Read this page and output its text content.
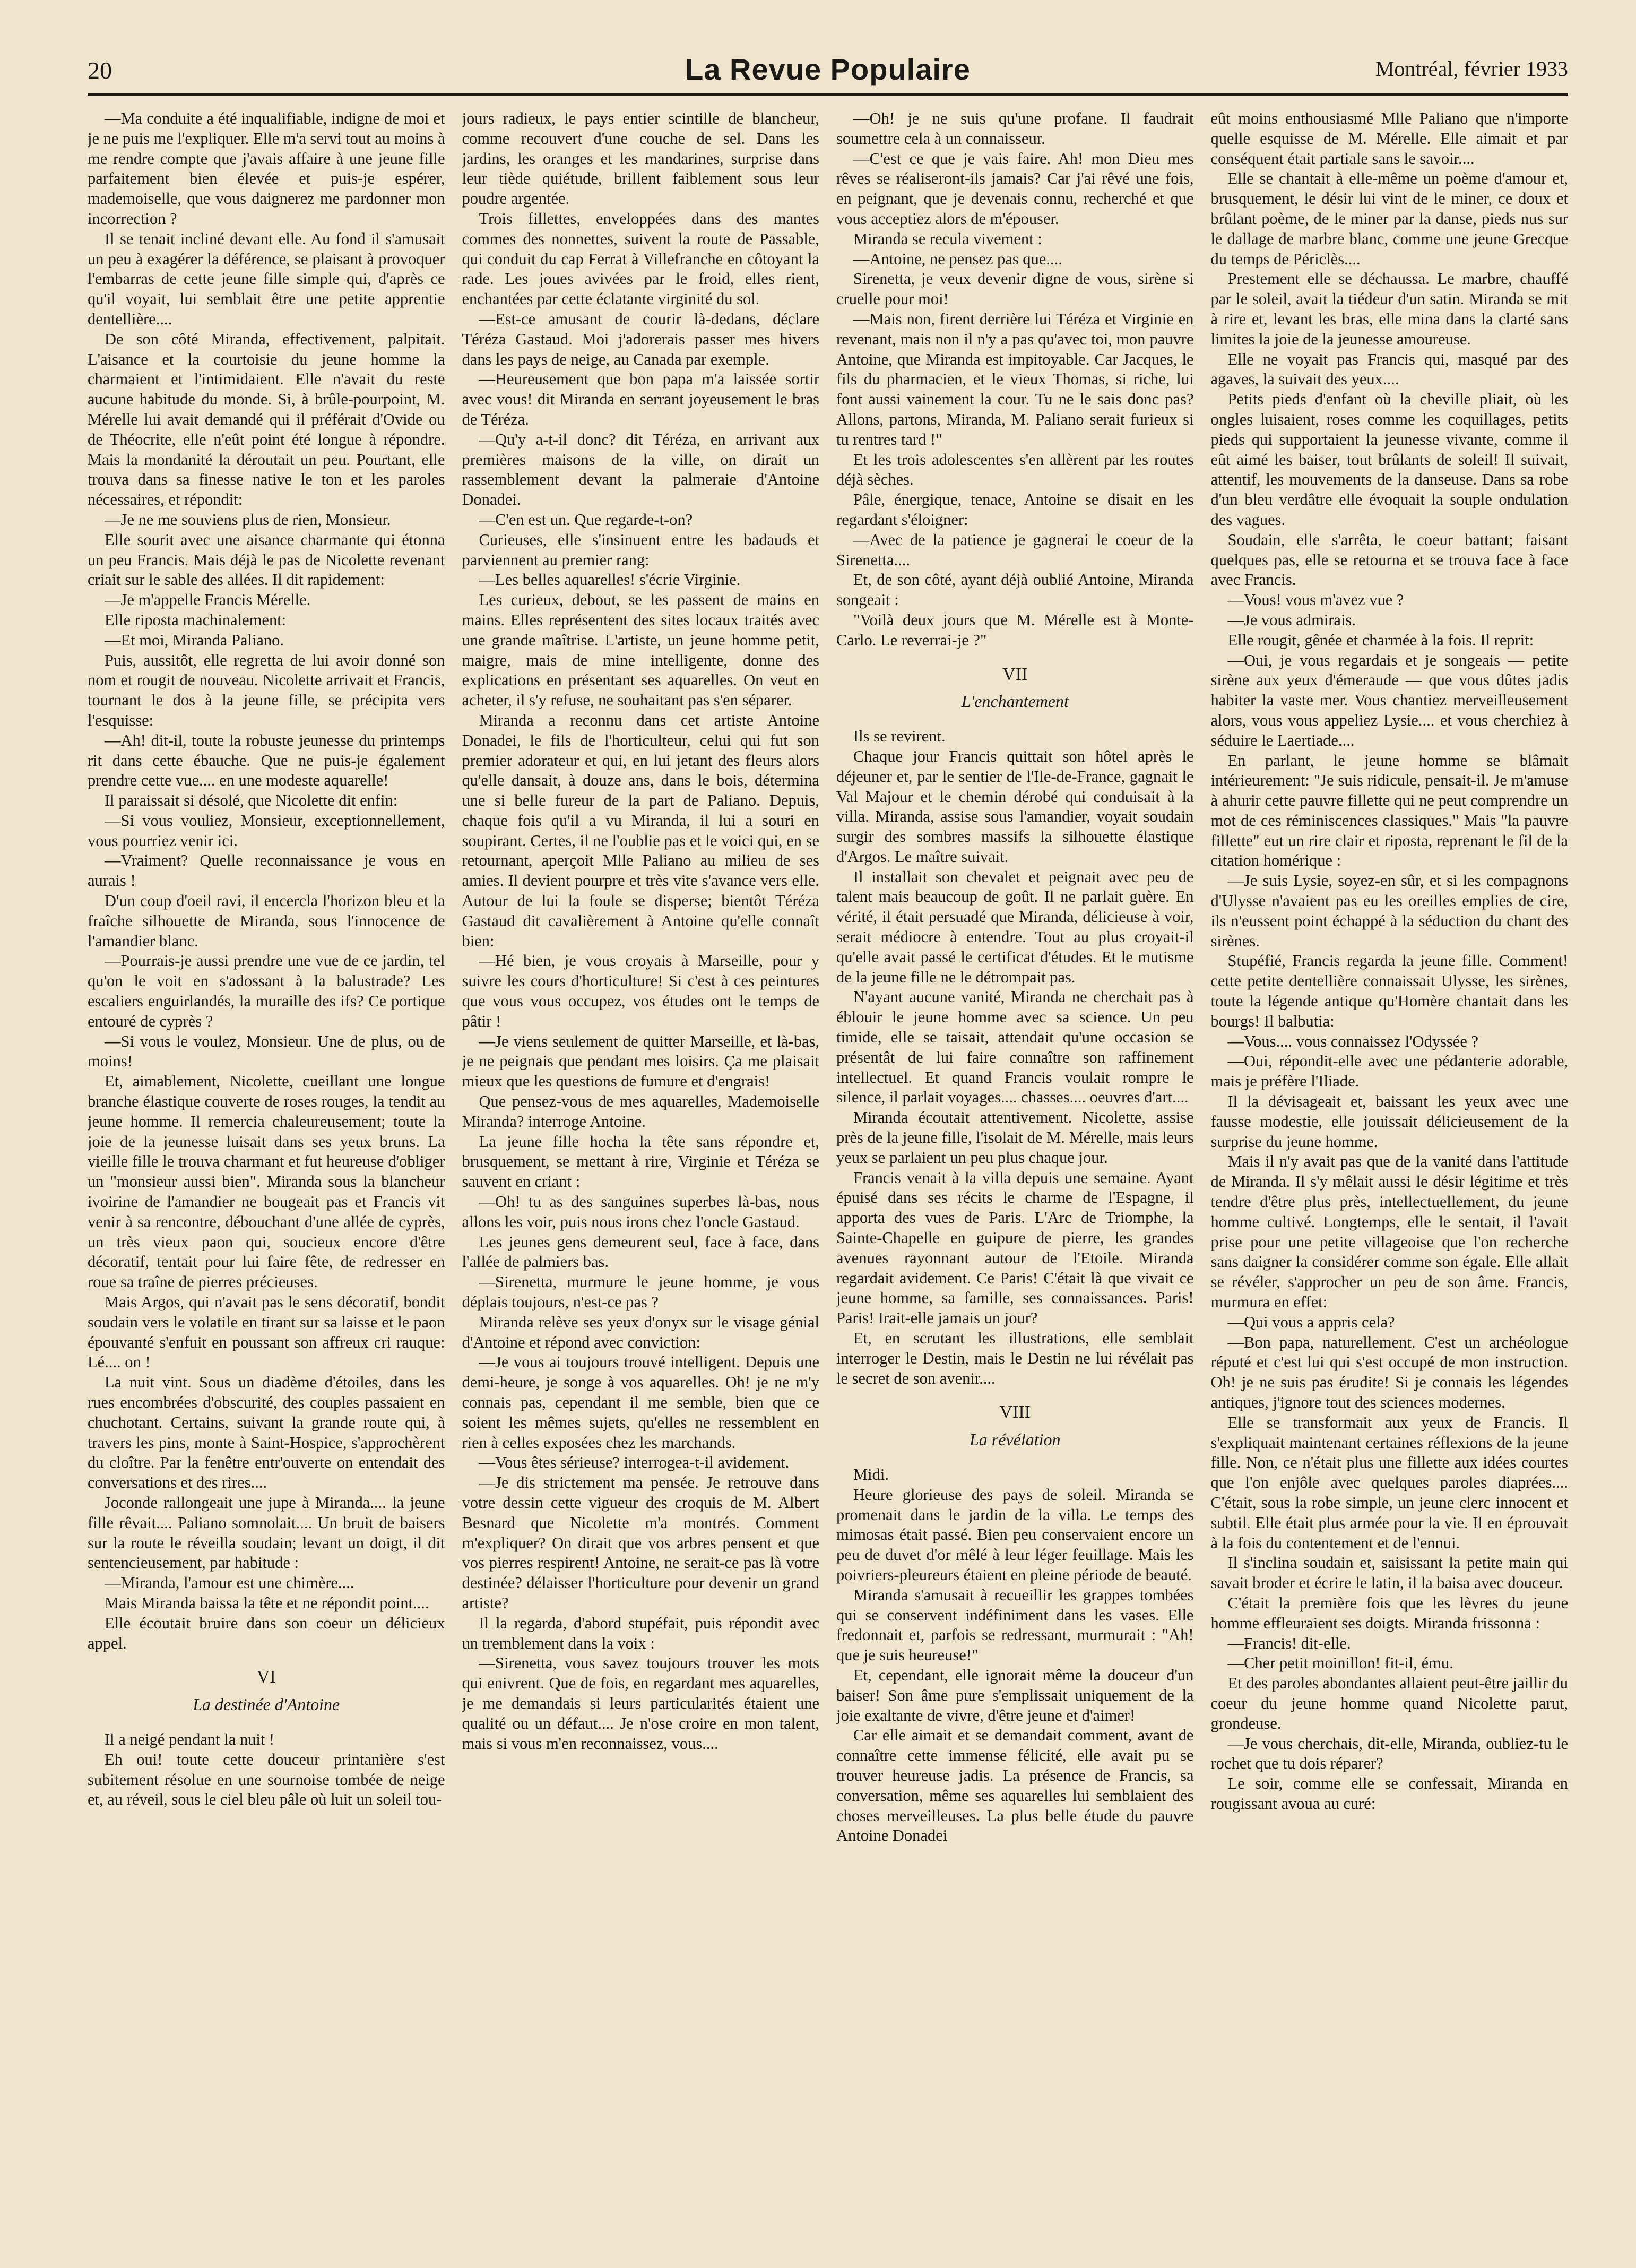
20	La Revue Populaire	Montréal, février 1933

—Ma conduite a été inqualifiable, indigne de moi et je ne puis me l'expliquer. Elle m'a servi tout au moins à me rendre compte que j'avais affaire à une jeune fille parfaitement bien élevée et puis-je espérer, mademoiselle, que vous daignerez me pardonner mon incorrection ?

Il se tenait incliné devant elle. Au fond il s'amusait un peu à exagérer la déférence, se plaisant à provoquer l'embarras de cette jeune fille simple qui, d'après ce qu'il voyait, lui semblait être une petite apprentie dentellière....

De son côté Miranda, effectivement, palpitait. L'aisance et la courtoisie du jeune homme la charmaient et l'intimidaient. Elle n'avait du reste aucune habitude du monde. Si, à brûle-pourpoint, M. Mérelle lui avait demandé qui il préférait d'Ovide ou de Théocrite, elle n'eût point été longue à répondre. Mais la mondanité la déroutait un peu. Pourtant, elle trouva dans sa finesse native le ton et les paroles nécessaires, et répondit:

—Je ne me souviens plus de rien, Monsieur.

Elle sourit avec une aisance charmante qui étonna un peu Francis. Mais déjà le pas de Nicolette revenant criait sur le sable des allées. Il dit rapidement:

—Je m'appelle Francis Mérelle.

Elle riposta machinalement:

—Et moi, Miranda Paliano.

Puis, aussitôt, elle regretta de lui avoir donné son nom et rougit de nouveau. Nicolette arrivait et Francis, tournant le dos à la jeune fille, se précipita vers l'esquisse:

—Ah! dit-il, toute la robuste jeunesse du printemps rit dans cette ébauche. Que ne puis-je également prendre cette vue.... en une modeste aquarelle!

Il paraissait si désolé, que Nicolette dit enfin:

—Si vous vouliez, Monsieur, exceptionnellement, vous pourriez venir ici.

—Vraiment? Quelle reconnaissance je vous en aurais !

D'un coup d'oeil ravi, il encercla l'horizon bleu et la fraîche silhouette de Miranda, sous l'innocence de l'amandier blanc.

—Pourrais-je aussi prendre une vue de ce jardin, tel qu'on le voit en s'adossant à la balustrade? Les escaliers enguirlandés, la muraille des ifs? Ce portique entouré de cyprès ?

—Si vous le voulez, Monsieur. Une de plus, ou de moins!

Et, aimablement, Nicolette, cueillant une longue branche élastique couverte de roses rouges, la tendit au jeune homme. Il remercia chaleureusement; toute la joie de la jeunesse luisait dans ses yeux bruns. La vieille fille le trouva charmant et fut heureuse d'obliger un "monsieur aussi bien". Miranda sous la blancheur ivoirine de l'amandier ne bougeait pas et Francis vit venir à sa rencontre, débouchant d'une allée de cyprès, un très vieux paon qui, soucieux encore d'être décoratif, tentait pour lui faire fête, de redresser en roue sa traîne de pierres précieuses.

Mais Argos, qui n'avait pas le sens décoratif, bondit soudain vers le volatile en tirant sur sa laisse et le paon épouvanté s'enfuit en poussant son affreux cri rauque: Lé.... on !

La nuit vint. Sous un diadème d'étoiles, dans les rues encombrées d'obscurité, des couples passaient en chuchotant. Certains, suivant la grande route qui, à travers les pins, monte à Saint-Hospice, s'approchèrent du cloître. Par la fenêtre entr'ouverte on entendait des conversations et des rires....

Joconde rallongeait une jupe à Miranda.... la jeune fille rêvait.... Paliano somnolait.... Un bruit de baisers sur la route le réveilla soudain; levant un doigt, il dit sentencieusement, par habitude :

—Miranda, l'amour est une chimère....

Mais Miranda baissa la tête et ne répondit point....

Elle écoutait bruire dans son coeur un délicieux appel.

VI
La destinée d'Antoine

Il a neigé pendant la nuit !

Eh oui! toute cette douceur printanière s'est subitement résolue en une sournoise tombée de neige et, au réveil, sous le ciel bleu pâle où luit un soleil tou-

jours radieux, le pays entier scintille de blancheur, comme recouvert d'une couche de sel. Dans les jardins, les oranges et les mandarines, surprise dans leur tiède quiétude, brillent faiblement sous leur poudre argentée.

Trois fillettes, enveloppées dans des mantes commes des nonnettes, suivent la route de Passable, qui conduit du cap Ferrat à Villefranche en côtoyant la rade. Les joues avivées par le froid, elles rient, enchantées par cette éclatante virginité du sol.

—Est-ce amusant de courir là-dedans, déclare Téréza Gastaud. Moi j'adorerais passer mes hivers dans les pays de neige, au Canada par exemple.

—Heureusement que bon papa m'a laissée sortir avec vous! dit Miranda en serrant joyeusement le bras de Téréza.

—Qu'y a-t-il donc? dit Téréza, en arrivant aux premières maisons de la ville, on dirait un rassemblement devant la palmeraie d'Antoine Donadei.

—C'en est un. Que regarde-t-on?

Curieuses, elle s'insinuent entre les badauds et parviennent au premier rang:

—Les belles aquarelles! s'écrie Virginie.

Les curieux, debout, se les passent de mains en mains. Elles représentent des sites locaux traités avec une grande maîtrise. L'artiste, un jeune homme petit, maigre, mais de mine intelligente, donne des explications en présentant ses aquarelles. On veut en acheter, il s'y refuse, ne souhaitant pas s'en séparer.

Miranda a reconnu dans cet artiste Antoine Donadei, le fils de l'horticulteur, celui qui fut son premier adorateur et qui, en lui jetant des fleurs alors qu'elle dansait, à douze ans, dans le bois, détermina une si belle fureur de la part de Paliano. Depuis, chaque fois qu'il a vu Miranda, il lui a souri en soupirant. Certes, il ne l'oublie pas et le voici qui, en se retournant, aperçoit Mlle Paliano au milieu de ses amies. Il devient pourpre et très vite s'avance vers elle. Autour de lui la foule se disperse; bientôt Téréza Gastaud dit cavalièrement à Antoine qu'elle connaît bien:

—Hé bien, je vous croyais à Marseille, pour y suivre les cours d'horticulture! Si c'est à ces peintures que vous vous occupez, vos études ont le temps de pâtir !

—Je viens seulement de quitter Marseille, et là-bas, je ne peignais que pendant mes loisirs. Ça me plaisait mieux que les questions de fumure et d'engrais!

Que pensez-vous de mes aquarelles, Mademoiselle Miranda? interroge Antoine.

La jeune fille hocha la tête sans répondre et, brusquement, se mettant à rire, Virginie et Téréza se sauvent en criant :

—Oh! tu as des sanguines superbes là-bas, nous allons les voir, puis nous irons chez l'oncle Gastaud.

Les jeunes gens demeurent seul, face à face, dans l'allée de palmiers bas.

—Sirenetta, murmure le jeune homme, je vous déplais toujours, n'est-ce pas ?

Miranda relève ses yeux d'onyx sur le visage génial d'Antoine et répond avec conviction:

—Je vous ai toujours trouvé intelligent. Depuis une demi-heure, je songe à vos aquarelles. Oh! je ne m'y connais pas, cependant il me semble, bien que ce soient les mêmes sujets, qu'elles ne ressemblent en rien à celles exposées chez les marchands.

—Vous êtes sérieuse? interrogea-t-il avidement.

—Je dis strictement ma pensée. Je retrouve dans votre dessin cette vigueur des croquis de M. Albert Besnard que Nicolette m'a montrés. Comment m'expliquer? On dirait que vos arbres pensent et que vos pierres respirent! Antoine, ne serait-ce pas là votre destinée? délaisser l'horticulture pour devenir un grand artiste?

Il la regarda, d'abord stupéfait, puis répondit avec un tremblement dans la voix :

—Sirenetta, vous savez toujours trouver les mots qui enivrent. Que de fois, en regardant mes aquarelles, je me demandais si leurs particularités étaient une qualité ou un défaut.... Je n'ose croire en mon talent, mais si vous m'en reconnaissez, vous....

—Oh! je ne suis qu'une profane. Il faudrait soumettre cela à un connaisseur.

—C'est ce que je vais faire. Ah! mon Dieu mes rêves se réaliseront-ils jamais? Car j'ai rêvé une fois, en peignant, que je devenais connu, recherché et que vous acceptiez alors de m'épouser.

Miranda se recula vivement :

—Antoine, ne pensez pas que....

Sirenetta, je veux devenir digne de vous, sirène si cruelle pour moi!

—Mais non, firent derrière lui Téréza et Virginie en revenant, mais non il n'y a pas qu'avec toi, mon pauvre Antoine, que Miranda est impitoyable. Car Jacques, le fils du pharmacien, et le vieux Thomas, si riche, lui font aussi vainement la cour. Tu ne le sais donc pas? Allons, partons, Miranda, M. Paliano serait furieux si tu rentres tard !"

Et les trois adolescentes s'en allèrent par les routes déjà sèches.

Pâle, énergique, tenace, Antoine se disait en les regardant s'éloigner:

—Avec de la patience je gagnerai le coeur de la Sirenetta....

Et, de son côté, ayant déjà oublié Antoine, Miranda songeait :

"Voilà deux jours que M. Mérelle est à Monte-Carlo. Le reverrai-je ?"

VII
L'enchantement

Ils se revirent.

Chaque jour Francis quittait son hôtel après le déjeuner et, par le sentier de l'Ile-de-France, gagnait le Val Majour et le chemin dérobé qui conduisait à la villa. Miranda, assise sous l'amandier, voyait soudain surgir des sombres massifs la silhouette élastique d'Argos. Le maître suivait.

Il installait son chevalet et peignait avec peu de talent mais beaucoup de goût. Il ne parlait guère. En vérité, il était persuadé que Miranda, délicieuse à voir, serait médiocre à entendre. Tout au plus croyait-il qu'elle avait passé le certificat d'études. Et le mutisme de la jeune fille ne le détrompait pas.

N'ayant aucune vanité, Miranda ne cherchait pas à éblouir le jeune homme avec sa science. Un peu timide, elle se taisait, attendait qu'une occasion se présentât de lui faire connaître son raffinement intellectuel. Et quand Francis voulait rompre le silence, il parlait voyages.... chasses.... oeuvres d'art....

Miranda écoutait attentivement. Nicolette, assise près de la jeune fille, l'isolait de M. Mérelle, mais leurs yeux se parlaient un peu plus chaque jour.

Francis venait à la villa depuis une semaine. Ayant épuisé dans ses récits le charme de l'Espagne, il apporta des vues de Paris. L'Arc de Triomphe, la Sainte-Chapelle en guipure de pierre, les grandes avenues rayonnant autour de l'Etoile. Miranda regardait avidement. Ce Paris! C'était là que vivait ce jeune homme, sa famille, ses connaissances. Paris! Paris! Irait-elle jamais un jour?

Et, en scrutant les illustrations, elle semblait interroger le Destin, mais le Destin ne lui révélait pas le secret de son avenir....

VIII
La révélation

Midi.

Heure glorieuse des pays de soleil. Miranda se promenait dans le jardin de la villa. Le temps des mimosas était passé. Bien peu conservaient encore un peu de duvet d'or mêlé à leur léger feuillage. Mais les poivriers-pleureurs étaient en pleine période de beauté.

Miranda s'amusait à recueillir les grappes tombées qui se conservent indéfiniment dans les vases. Elle fredonnait et, parfois se redressant, murmurait : "Ah! que je suis heureuse!"

Et, cependant, elle ignorait même la douceur d'un baiser! Son âme pure s'emplissait uniquement de la joie exaltante de vivre, d'être jeune et d'aimer!

Car elle aimait et se demandait comment, avant de connaître cette immense félicité, elle avait pu se trouver heureuse jadis. La présence de Francis, sa conversation, même ses aquarelles lui semblaient des choses merveilleuses. La plus belle étude du pauvre Antoine Donadei

eût moins enthousiasmé Mlle Paliano que n'importe quelle esquisse de M. Mérelle. Elle aimait et par conséquent était partiale sans le savoir....

Elle se chantait à elle-même un poème d'amour et, brusquement, le désir lui vint de le miner, ce doux et brûlant poème, de le miner par la danse, pieds nus sur le dallage de marbre blanc, comme une jeune Grecque du temps de Périclès....

Prestement elle se déchaussa. Le marbre, chauffé par le soleil, avait la tiédeur d'un satin. Miranda se mit à rire et, levant les bras, elle mina dans la clarté sans limites la joie de la jeunesse amoureuse.

Elle ne voyait pas Francis qui, masqué par des agaves, la suivait des yeux....

Petits pieds d'enfant où la cheville pliait, où les ongles luisaient, roses comme les coquillages, petits pieds qui supportaient la jeunesse vivante, comme il eût aimé les baiser, tout brûlants de soleil! Il suivait, attentif, les mouvements de la danseuse. Dans sa robe d'un bleu verdâtre elle évoquait la souple ondulation des vagues.

Soudain, elle s'arrêta, le coeur battant; faisant quelques pas, elle se retourna et se trouva face à face avec Francis.

—Vous! vous m'avez vue ?

—Je vous admirais.

Elle rougit, gênée et charmée à la fois. Il reprit:

—Oui, je vous regardais et je songeais — petite sirène aux yeux d'émeraude — que vous dûtes jadis habiter la vaste mer. Vous chantiez merveilleusement alors, vous vous appeliez Lysie.... et vous cherchiez à séduire le Laertiade....

En parlant, le jeune homme se blâmait intérieurement: "Je suis ridicule, pensait-il. Je m'amuse à ahurir cette pauvre fillette qui ne peut comprendre un mot de ces réminiscences classiques." Mais "la pauvre fillette" eut un rire clair et riposta, reprenant le fil de la citation homérique :

—Je suis Lysie, soyez-en sûr, et si les compagnons d'Ulysse n'avaient pas eu les oreilles emplies de cire, ils n'eussent point échappé à la séduction du chant des sirènes.

Stupéfié, Francis regarda la jeune fille. Comment! cette petite dentellière connaissait Ulysse, les sirènes, toute la légende antique qu'Homère chantait dans les bourgs! Il balbutia:

—Vous.... vous connaissez l'Odyssée ?

—Oui, répondit-elle avec une pédanterie adorable, mais je préfère l'Iliade.

Il la dévisageait et, baissant les yeux avec une fausse modestie, elle jouissait délicieusement de la surprise du jeune homme.

Mais il n'y avait pas que de la vanité dans l'attitude de Miranda. Il s'y mêlait aussi le désir légitime et très tendre d'être plus près, intellectuellement, du jeune homme cultivé. Longtemps, elle le sentait, il l'avait prise pour une petite villageoise que l'on recherche sans daigner la considérer comme son égale. Elle allait se révéler, s'approcher un peu de son âme. Francis, murmura en effet:

—Qui vous a appris cela?

—Bon papa, naturellement. C'est un archéologue réputé et c'est lui qui s'est occupé de mon instruction. Oh! je ne suis pas érudite! Si je connais les légendes antiques, j'ignore tout des sciences modernes.

Elle se transformait aux yeux de Francis. Il s'expliquait maintenant certaines réflexions de la jeune fille. Non, ce n'était plus une fillette aux idées courtes que l'on enjôle avec quelques paroles diaprées.... C'était, sous la robe simple, un jeune clerc innocent et subtil. Elle était plus armée pour la vie. Il en éprouvait à la fois du contentement et de l'ennui.

Il s'inclina soudain et, saisissant la petite main qui savait broder et écrire le latin, il la baisa avec douceur.

C'était la première fois que les lèvres du jeune homme effleuraient ses doigts. Miranda frissonna :

—Francis! dit-elle.

—Cher petit moinillon! fit-il, ému.

Et des paroles abondantes allaient peut-être jaillir du coeur du jeune homme quand Nicolette parut, grondeuse.

—Je vous cherchais, dit-elle, Miranda, oubliez-tu le rochet que tu dois réparer?

Le soir, comme elle se confessait, Miranda en rougissant avoua au curé:
